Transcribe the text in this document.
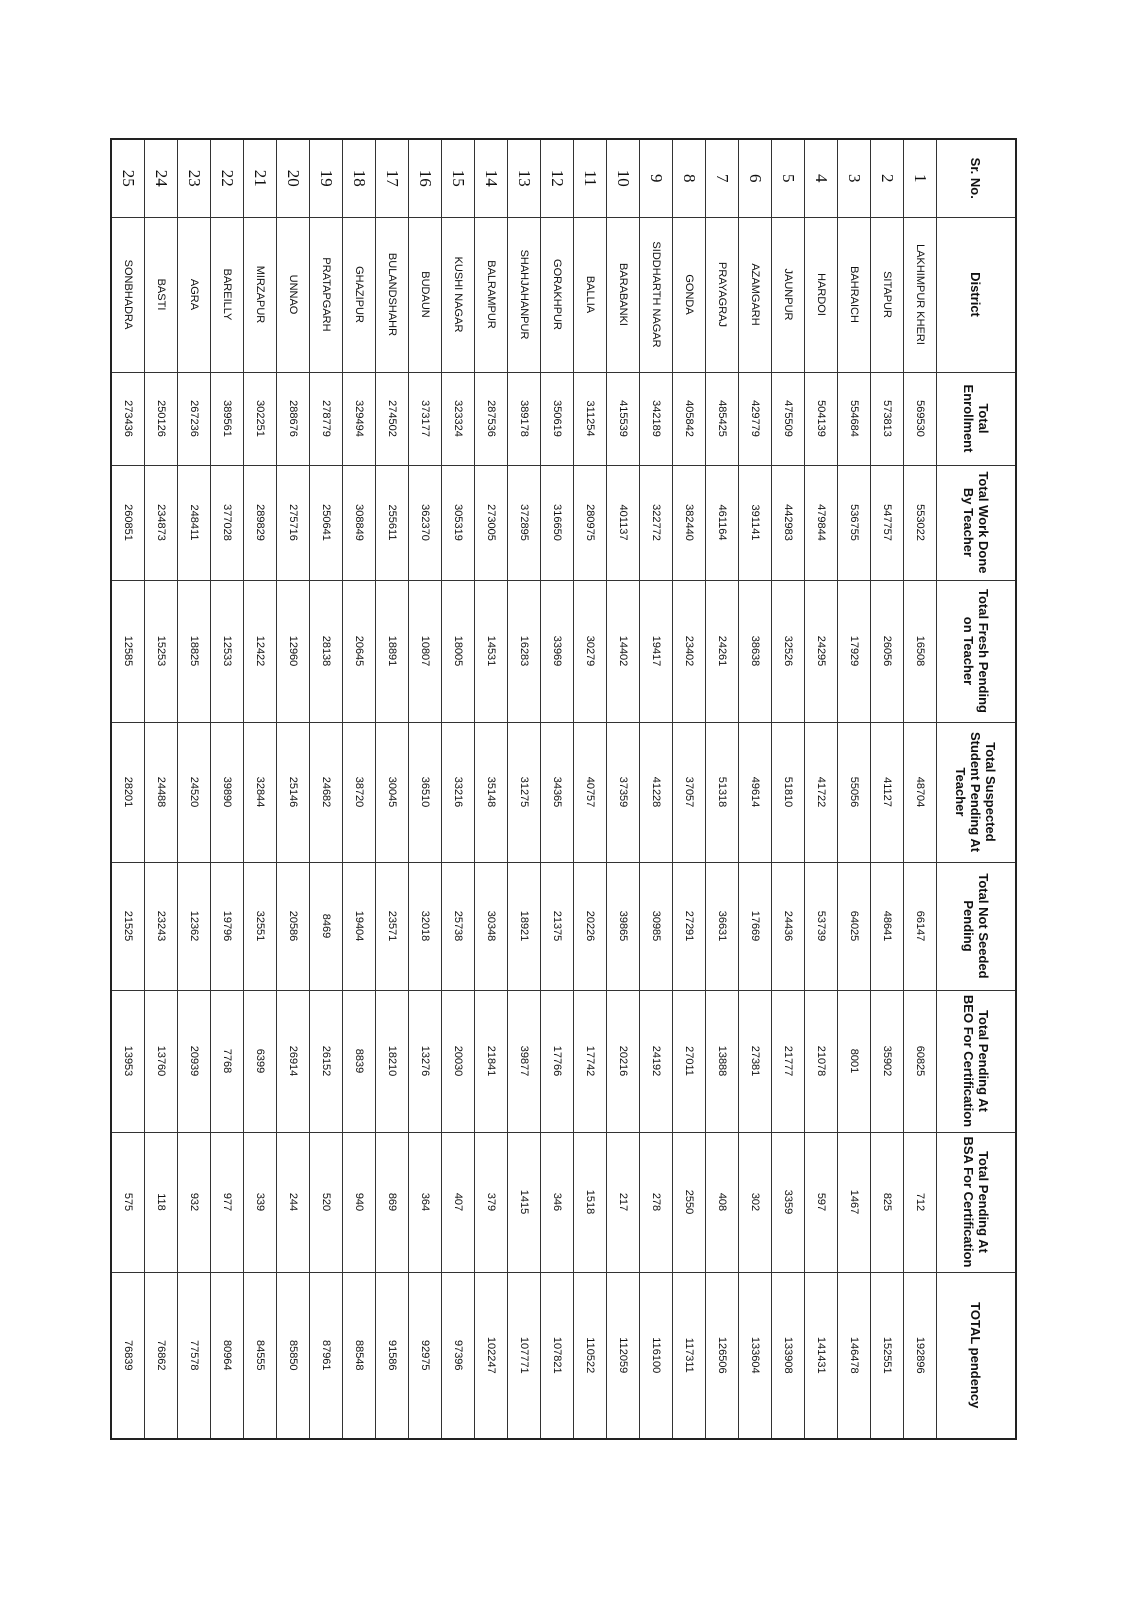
Sr. No.	District	Total Enrollment	Total Work Done By Teacher	Total Fresh Pending on Teacher	Total Suspected Student Pending At Teacher	Total Not Seeded Pending	Total Pending At BEO For Certification	Total Pending At BSA For Certification	TOTAL pendency
1	LAKHIMPUR KHERI	569530	553022	16508	48704	66147	60825	712	192896
2	SITAPUR	573813	547757	26056	41127	48641	35902	825	152551
3	BAHRAICH	554684	536755	17929	55056	64025	8001	1467	146478
4	HARDOI	504139	479844	24295	41722	53739	21078	597	141431
5	JAUNPUR	475509	442983	32526	51810	24436	21777	3359	133908
6	AZAMGARH	429779	391141	38638	49614	17669	27381	302	133604
7	PRAYAGRAJ	485425	461164	24261	51318	36631	13888	408	126506
8	GONDA	405842	382440	23402	37057	27291	27011	2550	117311
9	SIDDHARTH NAGAR	342189	322772	19417	41228	30985	24192	278	116100
10	BARABANKI	415539	401137	14402	37359	39865	20216	217	112059
11	BALLIA	311254	280975	30279	40757	20226	17742	1518	110522
12	GORAKHPUR	350619	316650	33969	34365	21375	17766	346	107821
13	SHAHJAHANPUR	389178	372895	16283	31275	18921	39877	1415	107771
14	BALRAMPUR	287536	273005	14531	35148	30348	21841	379	102247
15	KUSHI NAGAR	323324	305319	18005	33216	25738	20030	407	97396
16	BUDAUN	373177	362370	10807	36510	32018	13276	364	92975
17	BULANDSHAHR	274502	255611	18891	30045	23571	18210	869	91586
18	GHAZIPUR	329494	308849	20645	38720	19404	8839	940	88548
19	PRATAPGARH	278779	250641	28138	24682	8469	26152	520	87961
20	UNNAO	288676	275716	12960	25146	20586	26914	244	85850
21	MIRZAPUR	302251	289829	12422	32844	32551	6399	339	84555
22	BAREILLY	389561	377028	12533	39890	19796	7768	977	80964
23	AGRA	267236	248411	18825	24520	12362	20939	932	77578
24	BASTI	250126	234873	15253	24488	23243	13760	118	76862
25	SONBHADRA	273436	260851	12585	28201	21525	13953	575	76839
